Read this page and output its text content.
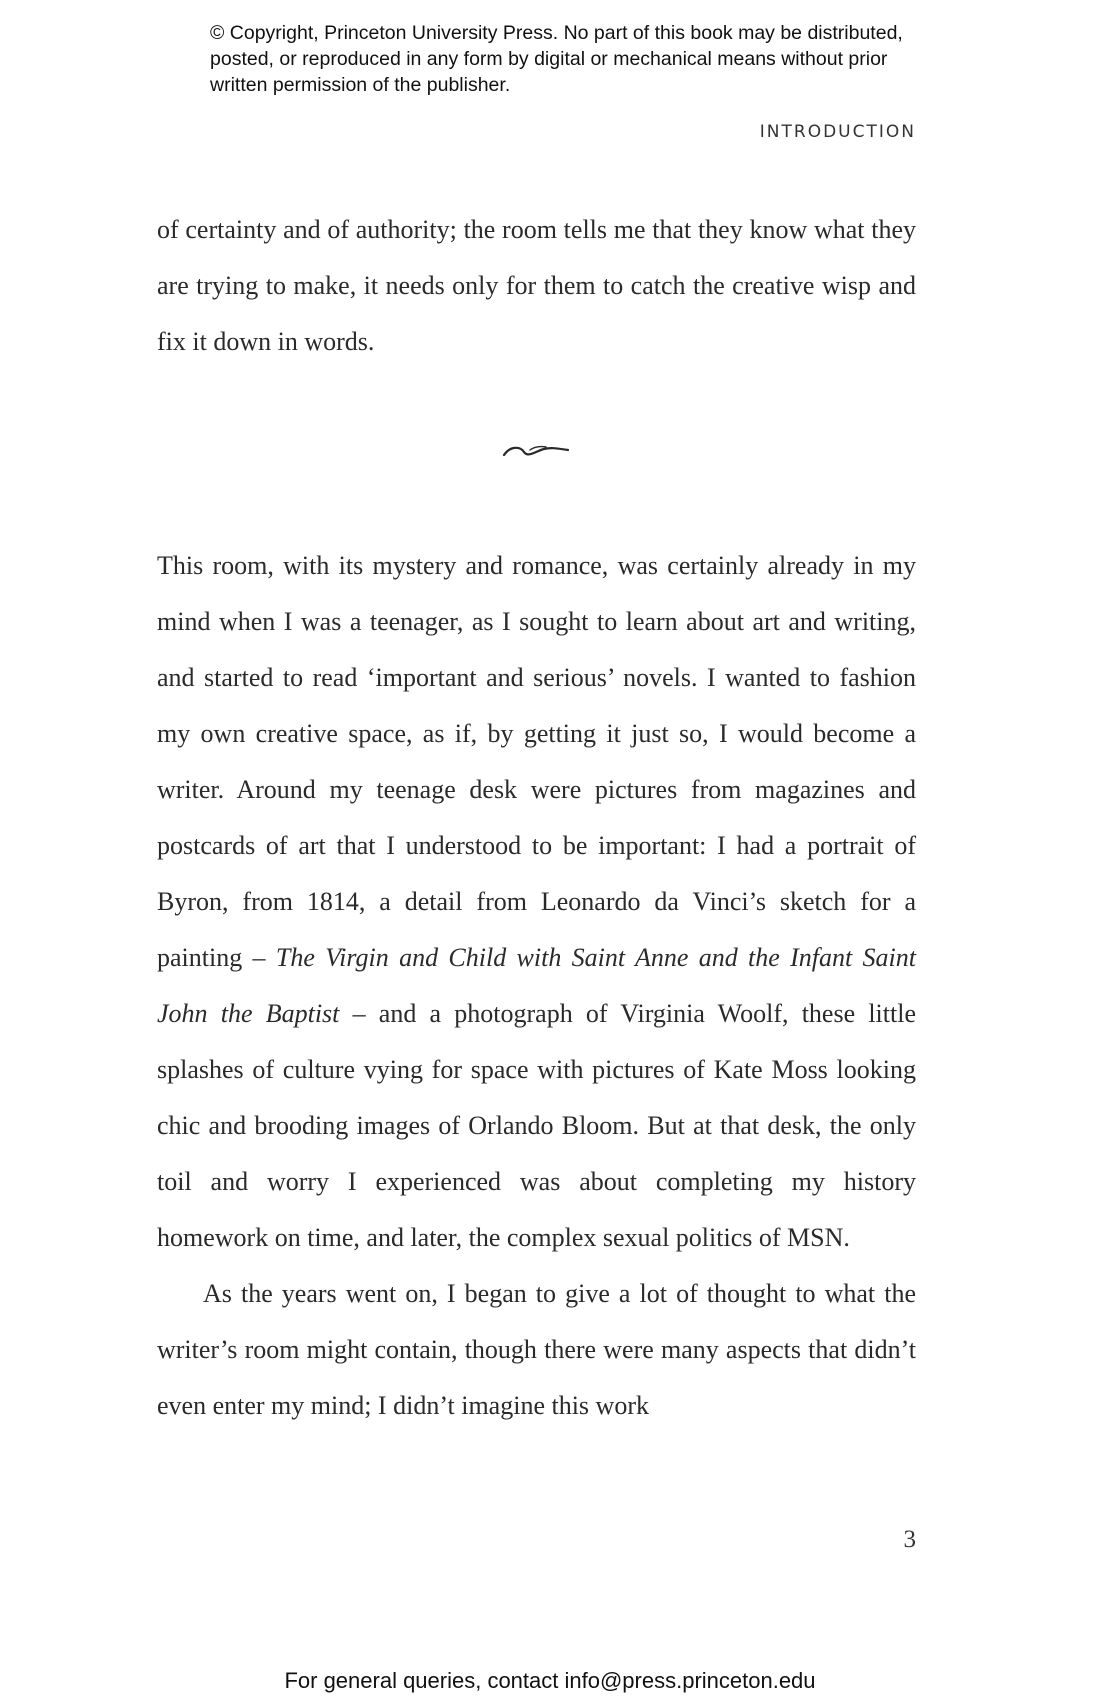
© Copyright, Princeton University Press. No part of this book may be distributed, posted, or reproduced in any form by digital or mechanical means without prior written permission of the publisher.
INTRODUCTION

of certainty and of authority; the room tells me that they know what they are trying to make, it needs only for them to catch the creative wisp and fix it down in words.

This room, with its mystery and romance, was certainly already in my mind when I was a teenager, as I sought to learn about art and writing, and started to read ‘important and serious’ novels. I wanted to fashion my own creative space, as if, by getting it just so, I would become a writer. Around my teenage desk were pictures from magazines and postcards of art that I understood to be important: I had a portrait of Byron, from 1814, a detail from Leonardo da Vinci’s sketch for a painting – The Virgin and Child with Saint Anne and the Infant Saint John the Baptist – and a photograph of Virginia Woolf, these little splashes of culture vying for space with pictures of Kate Moss looking chic and brooding images of Orlando Bloom. But at that desk, the only toil and worry I experienced was about completing my history homework on time, and later, the complex sexual politics of MSN.

As the years went on, I began to give a lot of thought to what the writer’s room might contain, though there were many aspects that didn’t even enter my mind; I didn’t imagine this work

3
For general queries, contact info@press.princeton.edu
